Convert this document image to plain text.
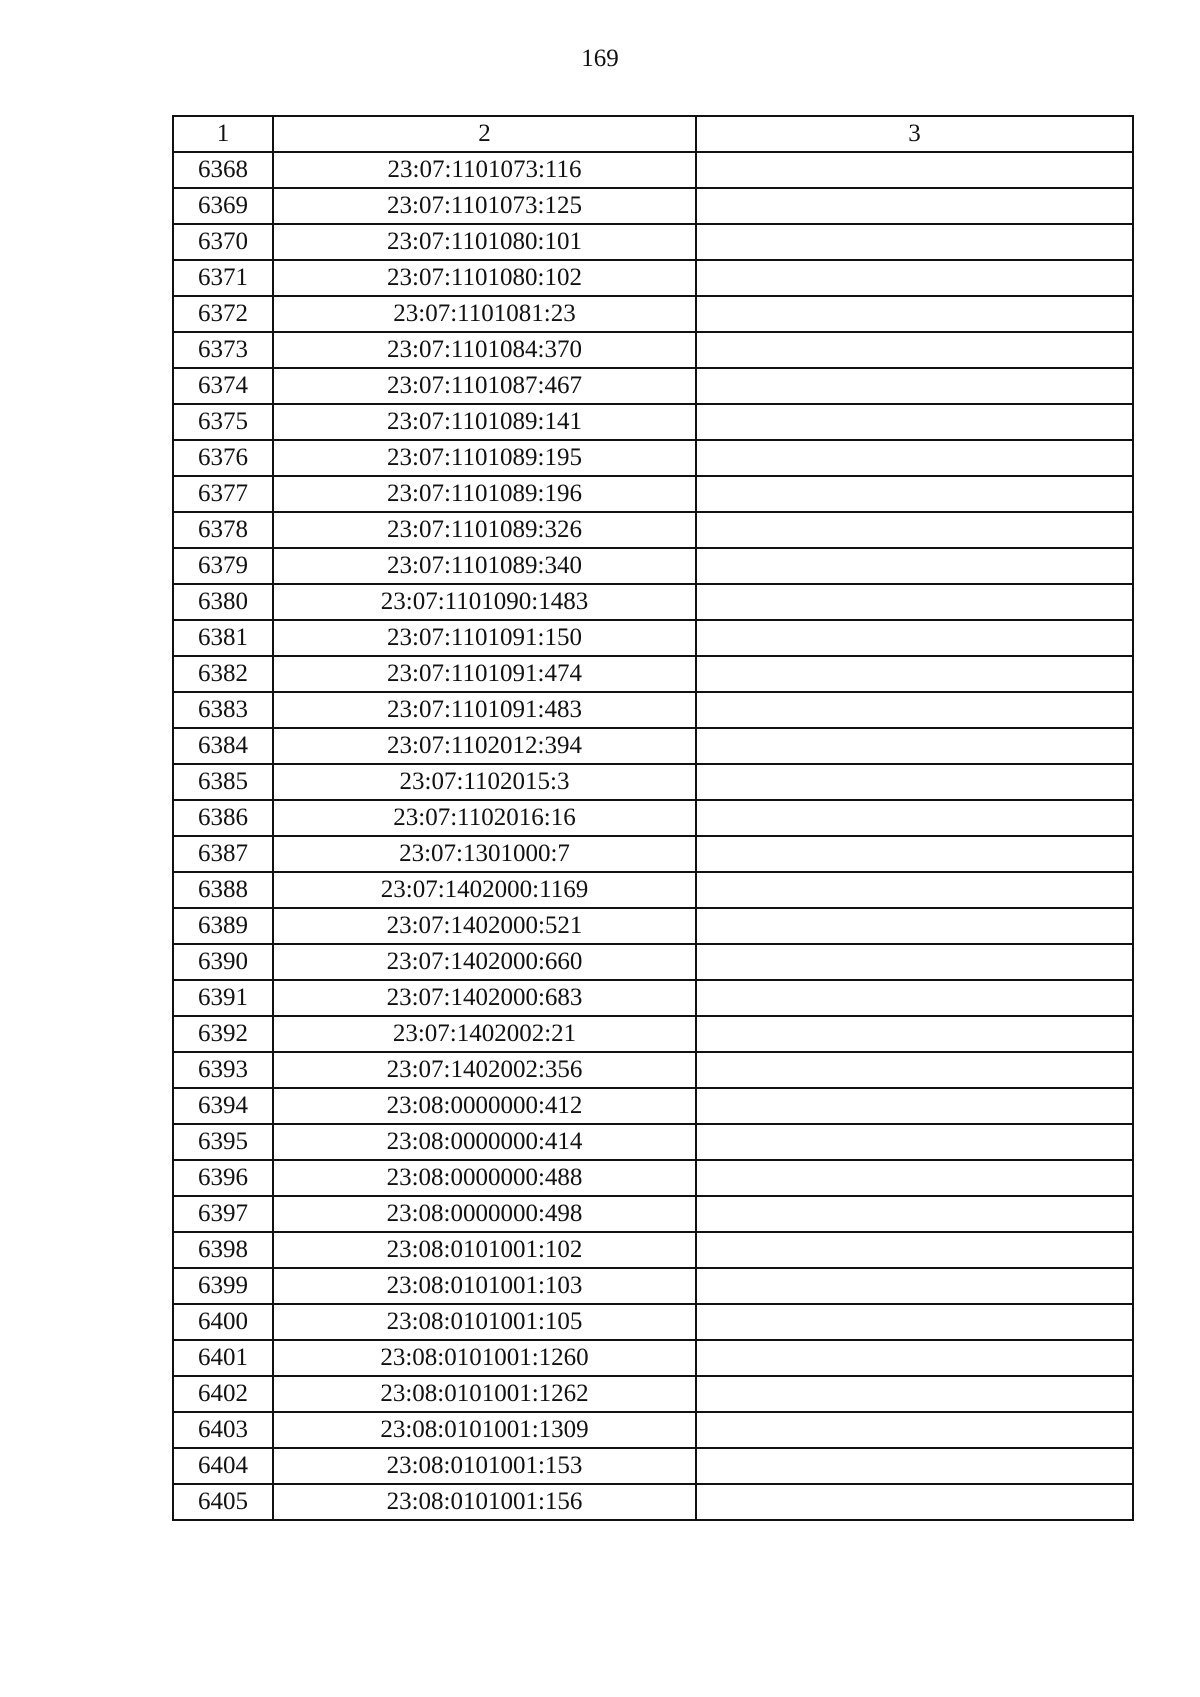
169
1	2	3
6368	23:07:1101073:116	
6369	23:07:1101073:125	
6370	23:07:1101080:101	
6371	23:07:1101080:102	
6372	23:07:1101081:23	
6373	23:07:1101084:370	
6374	23:07:1101087:467	
6375	23:07:1101089:141	
6376	23:07:1101089:195	
6377	23:07:1101089:196	
6378	23:07:1101089:326	
6379	23:07:1101089:340	
6380	23:07:1101090:1483	
6381	23:07:1101091:150	
6382	23:07:1101091:474	
6383	23:07:1101091:483	
6384	23:07:1102012:394	
6385	23:07:1102015:3	
6386	23:07:1102016:16	
6387	23:07:1301000:7	
6388	23:07:1402000:1169	
6389	23:07:1402000:521	
6390	23:07:1402000:660	
6391	23:07:1402000:683	
6392	23:07:1402002:21	
6393	23:07:1402002:356	
6394	23:08:0000000:412	
6395	23:08:0000000:414	
6396	23:08:0000000:488	
6397	23:08:0000000:498	
6398	23:08:0101001:102	
6399	23:08:0101001:103	
6400	23:08:0101001:105	
6401	23:08:0101001:1260	
6402	23:08:0101001:1262	
6403	23:08:0101001:1309	
6404	23:08:0101001:153	
6405	23:08:0101001:156	
